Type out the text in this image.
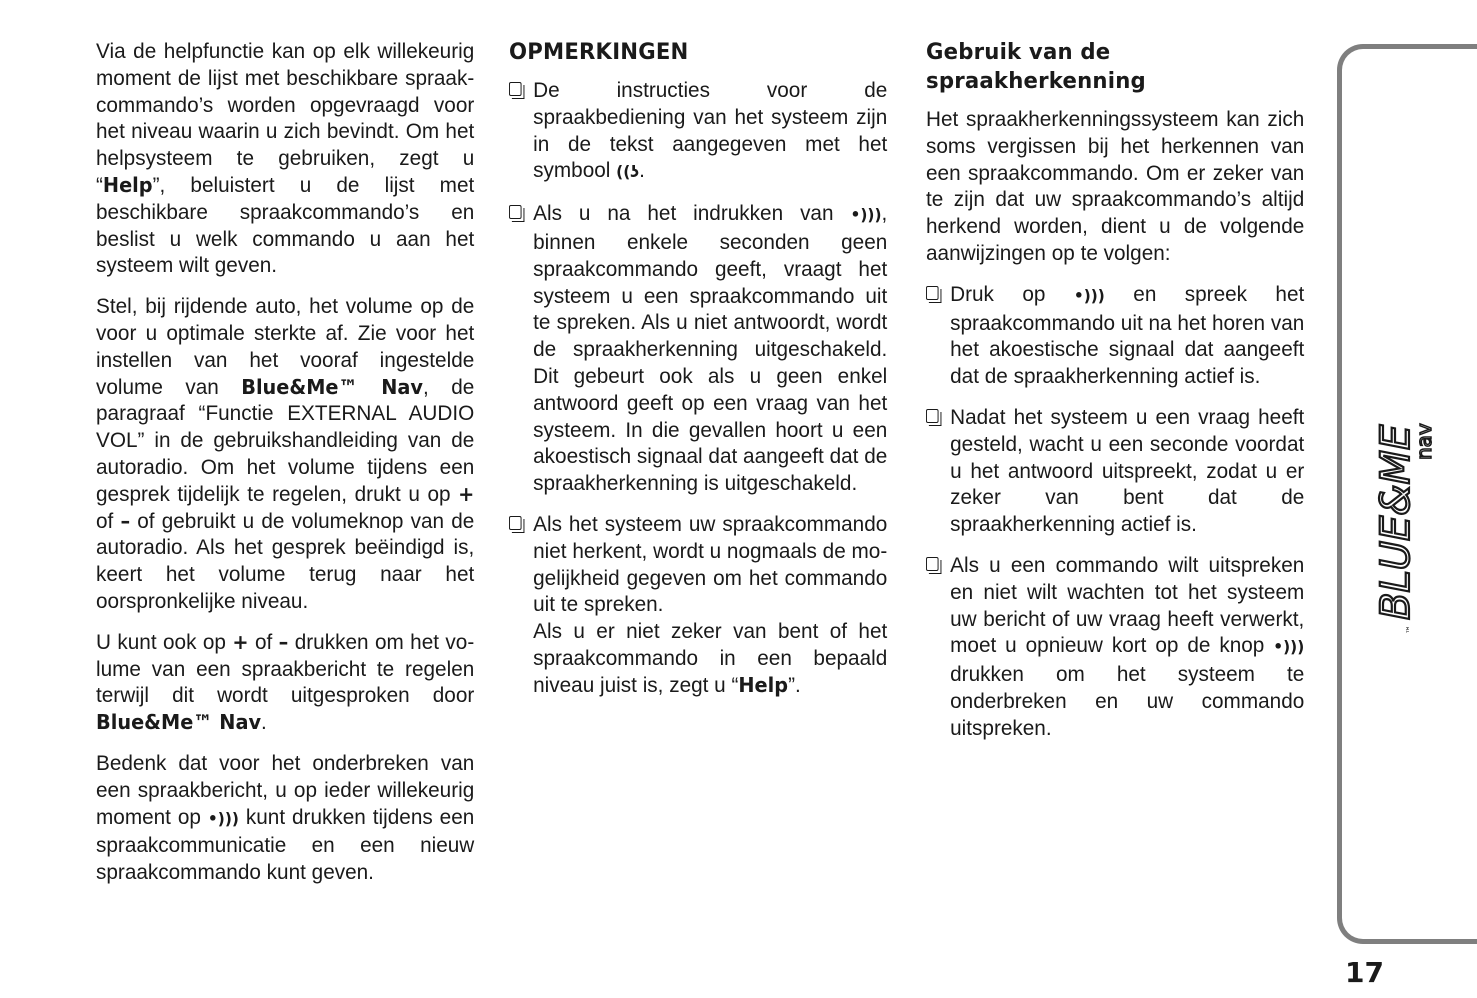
Via de helpfunctie kan op elk willekeurig moment de lijst met beschikbare spraakcommando’s worden opgevraagd voor het niveau waarin u zich bevindt. Om het helpsysteem te gebruiken, zegt u “Help”, beluistert u de lijst met beschikbare spraakcommando’s en beslist u welk commando u aan het systeem wilt geven.

Stel, bij rijdende auto, het volume op de voor u optimale sterkte af. Zie voor het instellen van het vooraf ingestelde volume van Blue&Me™ Nav, de paragraaf “Functie EXTERNAL AUDIO VOL” in de gebruikshandleiding van de autoradio. Om het volume tijdens een gesprek tijdelijk te regelen, drukt u op + of – of gebruikt u de volumeknop van de autoradio. Als het gesprek beëindigd is, keert het volume terug naar het oorspronkelijke niveau.

U kunt ook op + of – drukken om het volume van een spraakbericht te regelen terwijl dit wordt uitgesproken door Blue&Me™ Nav.

Bedenk dat voor het onderbreken van een spraakbericht, u op ieder willekeurig moment op •))) kunt drukken tijdens een spraakcommunicatie en een nieuw spraakcommando kunt geven.

OPMERKINGEN
De instructies voor de spraakbediening van het systeem zijn in de tekst aangegeven met het symbool ((ʖ.
Als u na het indrukken van •))), binnen enkele seconden geen spraakcommando geeft, vraagt het systeem u een spraakcommando uit te spreken. Als u niet antwoordt, wordt de spraakherkenning uitgeschakeld. Dit gebeurt ook als u geen enkel antwoord geeft op een vraag van het systeem. In die gevallen hoort u een akoestisch signaal dat aangeeft dat de spraakherkenning is uitgeschakeld.
Als het systeem uw spraakcommando niet herkent, wordt u nogmaals de mogelijkheid gegeven om het commando uit te spreken.
Als u er niet zeker van bent of het spraakcommando in een bepaald niveau juist is, zegt u “Help”.
Gebruik van de spraakherkenning

Het spraakherkenningssysteem kan zich soms vergissen bij het herkennen van een spraakcommando. Om er zeker van te zijn dat uw spraakcommando’s altijd herkend worden, dient u de volgende aanwijzingen op te volgen:

Druk op •))) en spreek het spraakcommando uit na het horen van het akoestische signaal dat aangeeft dat de spraakherkenning actief is.
Nadat het systeem u een vraag heeft gesteld, wacht u een seconde voordat u het antwoord uitspreekt, zodat u er zeker van bent dat de spraakherkenning actief is.
Als u een commando wilt uitspreken en niet wilt wachten tot het systeem uw bericht of uw vraag heeft verwerkt, moet u opnieuw kort op de knop •))) drukken om het systeem te onderbreken en uw commando uitspreken.
BLUE&ME
nav
™
17
